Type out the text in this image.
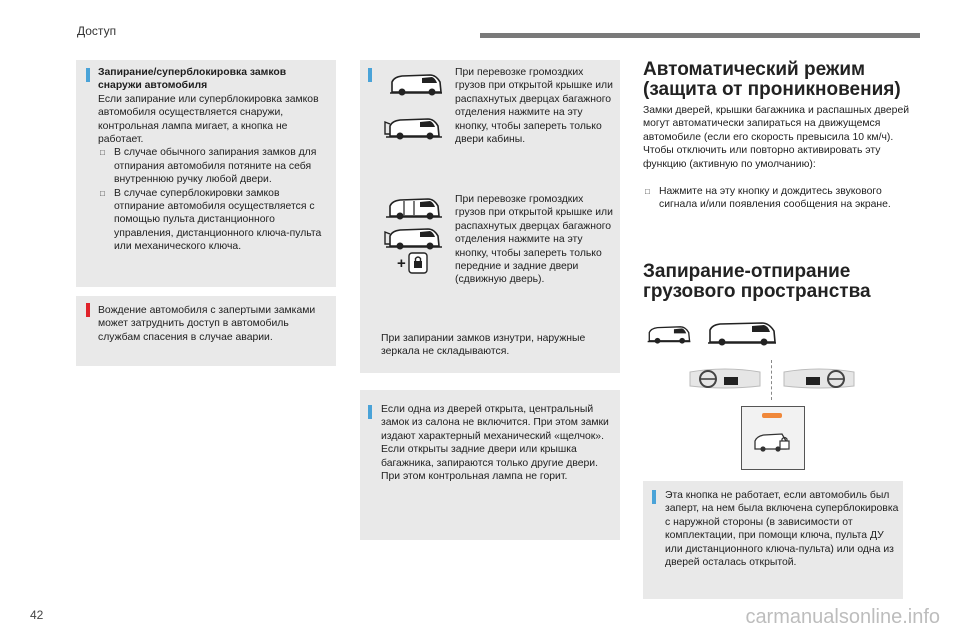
Доступ

Запирание/суперблокировка замков снаружи автомобиля

Если запирание или суперблокировка замков автомобиля осуществляется снаружи, контрольная лампа мигает, а кнопка не работает.

□ В случае обычного запирания замков для отпирания автомобиля потяните на себя внутреннюю ручку любой двери.

□ В случае суперблокировки замков отпирание автомобиля осуществляется с помощью пульта дистанционного управления, дистанционного ключа-пульта или механического ключа.

Вождение автомобиля с запертыми замками может затруднить доступ в автомобиль службам спасения в случае аварии.
При перевозке громоздких грузов при открытой крышке или распахнутых дверцах багажного отделения нажмите на эту кнопку, чтобы запереть только двери кабины.
+
При перевозке громоздких грузов при открытой крышке или распахнутых дверцах багажного отделения нажмите на эту кнопку, чтобы запереть только передние и задние двери (сдвижную дверь).
При запирании замков изнутри, наружные зеркала не складываются.
Если одна из дверей открыта, центральный замок из салона не включится. При этом замки издают характерный механический «щелчок».
Если открыты задние двери или крышка багажника, запираются только другие двери. При этом контрольная лампа не горит.
Автоматический режим (защита от проникновения)
Замки дверей, крышки багажника и распашных дверей могут автоматически запираться на движущемся автомобиле (если его скорость превысила 10 км/ч).
Чтобы отключить или повторно активировать эту функцию (активную по умолчанию):
□ Нажмите на эту кнопку и дождитесь звукового сигнала и/или появления сообщения на экране.
Запирание-отпирание грузового пространства
Эта кнопка не работает, если автомобиль был заперт, на нем была включена суперблокировка с наружной стороны (в зависимости от комплектации, при помощи ключа, пульта ДУ или дистанционного ключа-пульта) или одна из дверей осталась открытой.
42	carmanualsonline.info
